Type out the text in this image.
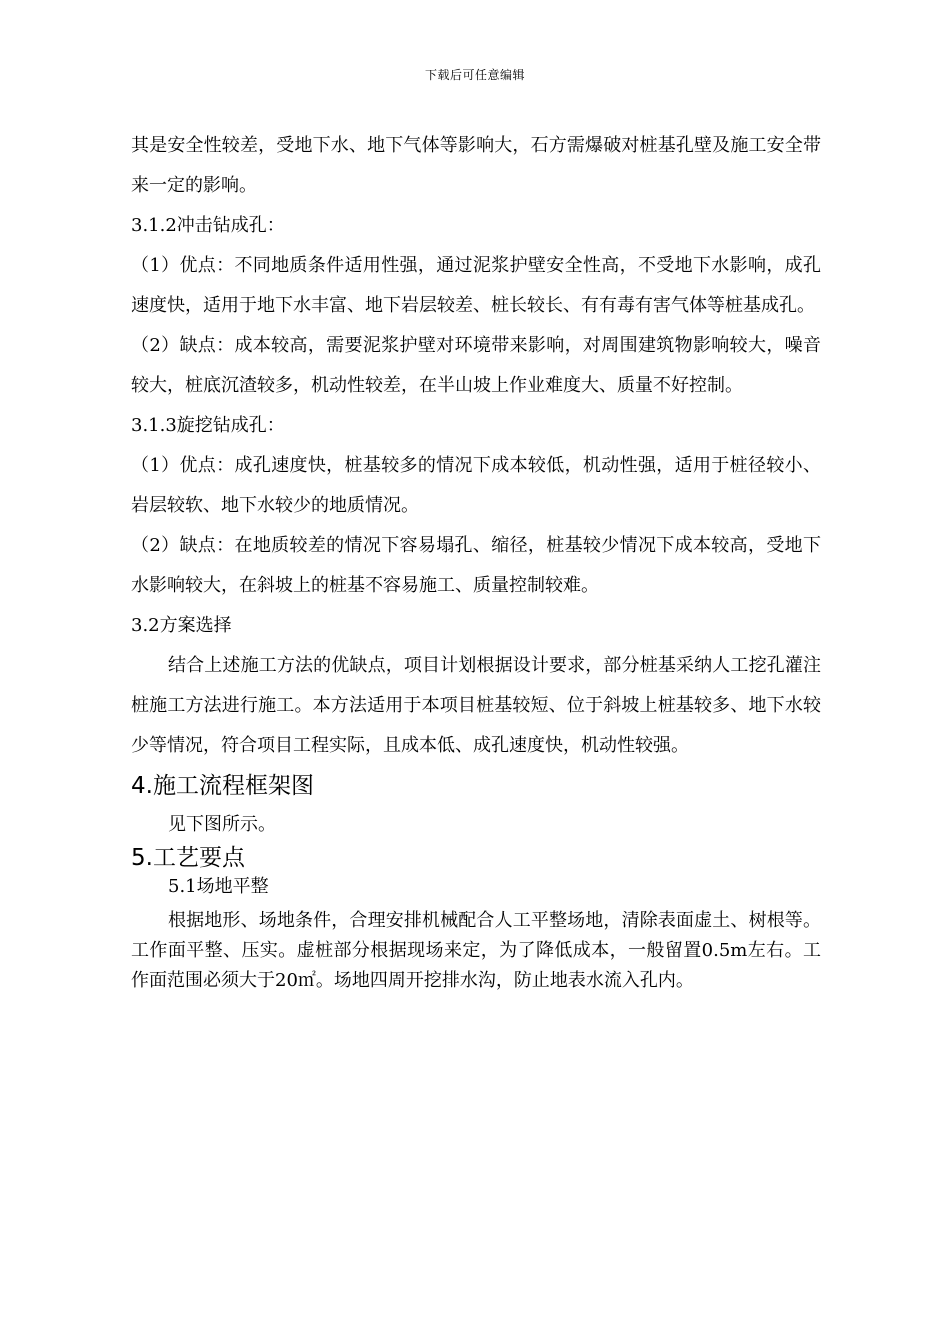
下载后可任意编辑

其是安全性较差，受地下水、地下气体等影响大，石方需爆破对桩基孔壁及施工安全带来一定的影响。

3.1.2冲击钻成孔：

（1）优点：不同地质条件适用性强，通过泥浆护壁安全性高，不受地下水影响，成孔速度快，适用于地下水丰富、地下岩层较差、桩长较长、有有毒有害气体等桩基成孔。

（2）缺点：成本较高，需要泥浆护壁对环境带来影响，对周围建筑物影响较大，噪音较大，桩底沉渣较多，机动性较差，在半山坡上作业难度大、质量不好控制。

3.1.3旋挖钻成孔：

（1）优点：成孔速度快，桩基较多的情况下成本较低，机动性强，适用于桩径较小、岩层较软、地下水较少的地质情况。

（2）缺点：在地质较差的情况下容易塌孔、缩径，桩基较少情况下成本较高，受地下水影响较大，在斜坡上的桩基不容易施工、质量控制较难。

3.2方案选择

结合上述施工方法的优缺点，项目计划根据设计要求，部分桩基采纳人工挖孔灌注桩施工方法进行施工。本方法适用于本项目桩基较短、位于斜坡上桩基较多、地下水较少等情况，符合项目工程实际，且成本低、成孔速度快，机动性较强。

4.施工流程框架图

见下图所示。

5.工艺要点

5.1场地平整

根据地形、场地条件，合理安排机械配合人工平整场地，清除表面虚土、树根等。工作面平整、压实。虚桩部分根据现场来定，为了降低成本，一般留置0.5m左右。工作面范围必须大于20㎡。场地四周开挖排水沟，防止地表水流入孔内。
